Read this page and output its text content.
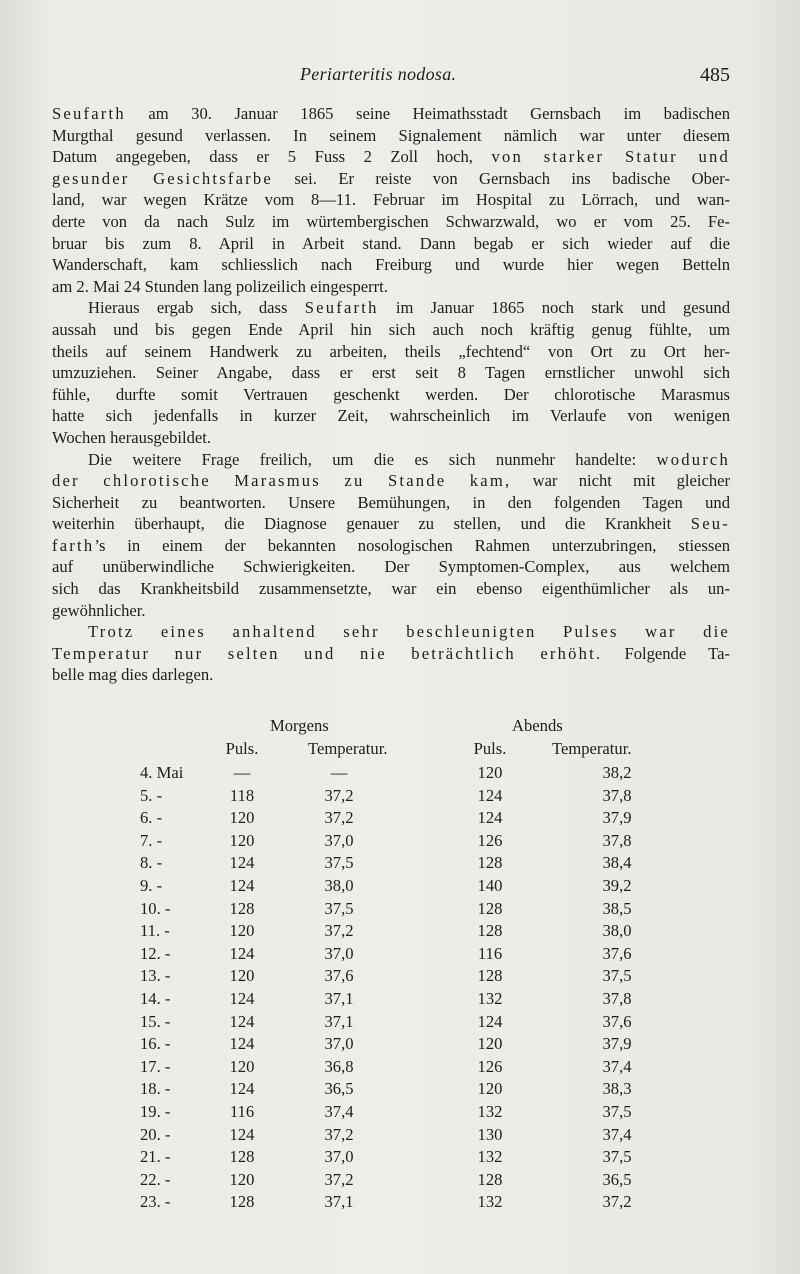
Periarteritis nodosa.	485

Seufarth am 30. Januar 1865 seine Heimathsstadt Gernsbach im badischen
Murgthal gesund verlassen. In seinem Signalement nämlich war unter diesem
Datum angegeben, dass er 5 Fuss 2 Zoll hoch, von starker Statur und
gesunder Gesichtsfarbe sei. Er reiste von Gernsbach ins badische Ober-
land, war wegen Krätze vom 8—11. Februar im Hospital zu Lörrach, und wan-
derte von da nach Sulz im würtembergischen Schwarzwald, wo er vom 25. Fe-
bruar bis zum 8. April in Arbeit stand. Dann begab er sich wieder auf die
Wanderschaft, kam schliesslich nach Freiburg und wurde hier wegen Betteln
am 2. Mai 24 Stunden lang polizeilich eingesperrt.

Hieraus ergab sich, dass Seufarth im Januar 1865 noch stark und gesund
aussah und bis gegen Ende April hin sich auch noch kräftig genug fühlte, um
theils auf seinem Handwerk zu arbeiten, theils „fechtend“ von Ort zu Ort her-
umzuziehen. Seiner Angabe, dass er erst seit 8 Tagen ernstlicher unwohl sich
fühle, durfte somit Vertrauen geschenkt werden. Der chlorotische Marasmus
hatte sich jedenfalls in kurzer Zeit, wahrscheinlich im Verlaufe von wenigen
Wochen herausgebildet.

Die weitere Frage freilich, um die es sich nunmehr handelte: wodurch
der chlorotische Marasmus zu Stande kam, war nicht mit gleicher
Sicherheit zu beantworten. Unsere Bemühungen, in den folgenden Tagen und
weiterhin überhaupt, die Diagnose genauer zu stellen, und die Krankheit Seu-
farth’s in einem der bekannten nosologischen Rahmen unterzubringen, stiessen
auf unüberwindliche Schwierigkeiten. Der Symptomen-Complex, aus welchem
sich das Krankheitsbild zusammensetzte, war ein ebenso eigenthümlicher als un-
gewöhnlicher.

Trotz eines anhaltend sehr beschleunigten Pulses war die
Temperatur nur selten und nie beträchtlich erhöht. Folgende Ta-
belle mag dies darlegen.

Morgens	Abends
Puls.	Temperatur.	Puls.	Temperatur.
4. Mai	—	—	120	38,2
5. -	118	37,2	124	37,8
6. -	120	37,2	124	37,9
7. -	120	37,0	126	37,8
8. -	124	37,5	128	38,4
9. -	124	38,0	140	39,2
10. -	128	37,5	128	38,5
11. -	120	37,2	128	38,0
12. -	124	37,0	116	37,6
13. -	120	37,6	128	37,5
14. -	124	37,1	132	37,8
15. -	124	37,1	124	37,6
16. -	124	37,0	120	37,9
17. -	120	36,8	126	37,4
18. -	124	36,5	120	38,3
19. -	116	37,4	132	37,5
20. -	124	37,2	130	37,4
21. -	128	37,0	132	37,5
22. -	120	37,2	128	36,5
23. -	128	37,1	132	37,2
